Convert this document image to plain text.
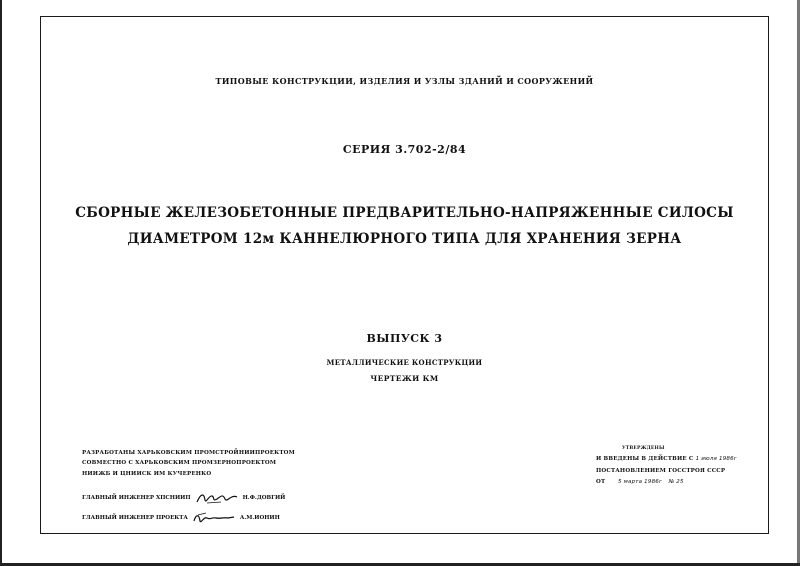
ТИПОВЫЕ КОНСТРУКЦИИ, ИЗДЕЛИЯ И УЗЛЫ ЗДАНИЙ И СООРУЖЕНИЙ
СЕРИЯ 3.702-2/84
СБОРНЫЕ ЖЕЛЕЗОБЕТОННЫЕ ПРЕДВАРИТЕЛЬНО-НАПРЯЖЕННЫЕ СИЛОСЫ
ДИАМЕТРОМ 12м КАННЕЛЮРНОГО ТИПА ДЛЯ ХРАНЕНИЯ ЗЕРНА
ВЫПУСК 3
МЕТАЛЛИЧЕСКИЕ КОНСТРУКЦИИ
ЧЕРТЕЖИ КМ
РАЗРАБОТАНЫ ХАРЬКОВСКИМ ПРОМСТРОЙНИИПРОЕКТОМ
СОВМЕСТНО С ХАРЬКОВСКИМ ПРОМЗЕРНОПРОЕКТОМ
НИИЖБ И ЦНИИСК ИМ КУЧЕРЕНКО
ГЛАВНЫЙ ИНЖЕНЕР ХПСНИИП	Н.Ф.ДОВГИЙ
ГЛАВНЫЙ ИНЖЕНЕР ПРОЕКТА	А.М.ИОНИН
УТВЕРЖДЕНЫ
И ВВЕДЕНЫ В ДЕЙСТВИЕ С 1 июля 1986г
ПОСТАНОВЛЕНИЕМ ГОССТРОЯ СССР
ОТ 5 марта 1986г № 25
